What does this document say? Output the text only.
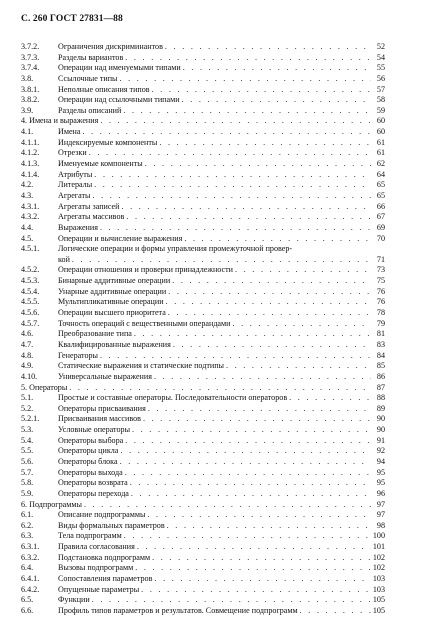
С. 260 ГОСТ 27831—88
3.7.2.	Ограничения дискриминантов . . .	52
3.7.3.	Разделы вариантов . . .	54
3.7.4.	Операции над именуемыми типами . . .	55
3.8.	Ссылочные типы . . .	56
3.8.1.	Неполные описания типов . . .	57
3.8.2.	Операции над ссылочными типами . . .	58
3.9.	Разделы описаний . . .	59
4. Имена и выражения . . .	60
4.1.	Имена . . .	60
4.1.1.	Индексируемые компоненты . . .	61
4.1.2.	Отрезки . . .	61
4.1.3.	Именуемые компоненты . . .	62
4.1.4.	Атрибуты . . .	64
4.2.	Литералы . . .	65
4.3.	Агрегаты . . .	65
4.3.1.	Агрегаты записей . . .	66
4.3.2.	Агрегаты массивов . . .	67
4.4.	Выражения . . .	69
4.5.	Операции и вычисление выражения . . .	70
4.5.1.	Логические операции и формы управления промежуточной провер-
кой . . .	71
4.5.2.	Операции отношения и проверки принадлежности . . .	73
4.5.3.	Бинарные аддитивные операции . . .	75
4.5.4.	Унарные аддитивные операции . . .	76
4.5.5.	Мультипликативные операции . . .	76
4.5.6.	Операции высшего приоритета . . .	78
4.5.7.	Точность операций с вещественными операндами . . .	79
4.6.	Преобразование типа . . .	81
4.7.	Квалифицированные выражения . . .	83
4.8.	Генераторы . . .	84
4.9.	Статические выражения и статические подтипы . . .	85
4.10.	Универсальные выражения . . .	86
5. Операторы . . .	87
5.1.	Простые и составные операторы. Последовательности операторов . . .	88
5.2.	Операторы присваивания . . .	89
5.2.1.	Присваивания массивов . . .	90
5.3.	Условные операторы . . .	90
5.4.	Операторы выбора . . .	91
5.5.	Операторы цикла . . .	92
5.6.	Операторы блока . . .	94
5.7.	Операторы выхода . . .	95
5.8.	Операторы возврата . . .	95
5.9.	Операторы перехода . . .	96
6. Подпрограммы . . .	97
6.1.	Описание подпрограммы . . .	97
6.2.	Виды формальных параметров . . .	98
6.3.	Тела подпрограмм . . .	100
6.3.1.	Правила согласования . . .	101
6.3.2.	Подстановка подпрограмм . . .	102
6.4.	Вызовы подпрограмм . . .	102
6.4.1.	Сопоставления параметров . . .	103
6.4.2.	Опущенные параметры . . .	103
6.5.	Функции . . .	105
6.6.	Профиль типов параметров и результатов. Совмещение подпрограмм . . .	105
